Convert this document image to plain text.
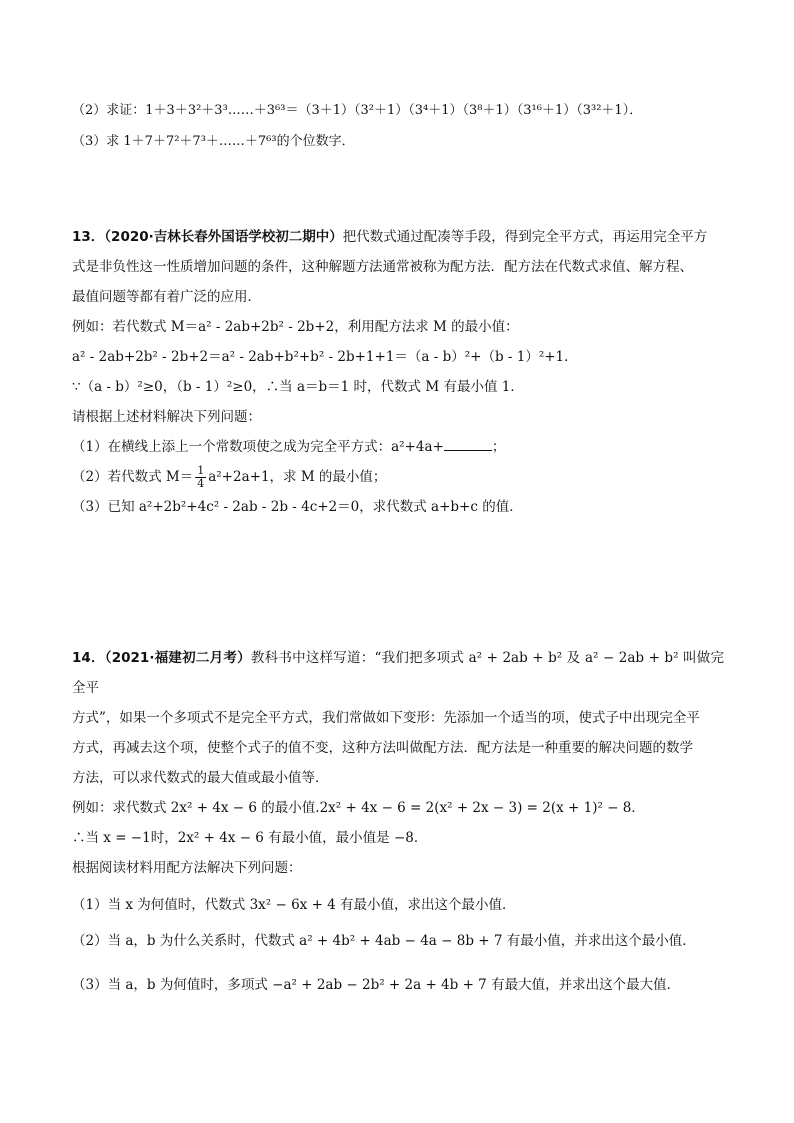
（2）求证：1＋3＋3²＋3³……＋3⁶³＝（3＋1）（3²＋1）（3⁴＋1）（3⁸＋1）（3¹⁶＋1）（3³²＋1）．
（3）求 1＋7＋7²＋7³＋……＋7⁶³的个位数字．
13．（2020·吉林长春外国语学校初二期中）把代数式通过配凑等手段，得到完全平方式，再运用完全平方
式是非负性这一性质增加问题的条件，这种解题方法通常被称为配方法．配方法在代数式求值、解方程、
最值问题等都有着广泛的应用．
例如：若代数式 M＝a² - 2ab+2b² - 2b+2，利用配方法求 M 的最小值：
a² - 2ab+2b² - 2b+2＝a² - 2ab+b²+b² - 2b+1+1＝（a - b）²+（b - 1）²+1．
∵（a - b）²≥0，（b - 1）²≥0，∴当 a＝b＝1 时，代数式 M 有最小值 1．
请根据上述材料解决下列问题：
（1）在横线上添上一个常数项使之成为完全平方式：a²+4a+	；
（2）若代数式 $M= \frac{1}{4} a^2+2a+1$，求 M 的最小值；
（3）已知 a²+2b²+4c² - 2ab - 2b - 4c+2＝0，求代数式 a+b+c 的值．
14．（2021·福建初二月考）教科书中这样写道：“我们把多项式 a² + 2ab + b² 及 a² − 2ab + b² 叫做完全平
方式”，如果一个多项式不是完全平方式，我们常做如下变形：先添加一个适当的项，使式子中出现完全平
方式，再减去这个项，使整个式子的值不变，这种方法叫做配方法．配方法是一种重要的解决问题的数学
方法，可以求代数式的最大值或最小值等．
例如：求代数式 2x² + 4x − 6 的最小值.2x² + 4x − 6 = 2(x² + 2x − 3) = 2(x + 1)² − 8．
∴当 x = −1时，2x² + 4x − 6 有最小值，最小值是 −8．
根据阅读材料用配方法解决下列问题：
（1）当 x 为何值时，代数式 3x² − 6x + 4 有最小值，求出这个最小值．
（2）当 a，b 为什么关系时，代数式 a² + 4b² + 4ab − 4a − 8b + 7 有最小值，并求出这个最小值．
（3）当 a，b 为何值时，多项式 −a² + 2ab − 2b² + 2a + 4b + 7 有最大值，并求出这个最大值．
